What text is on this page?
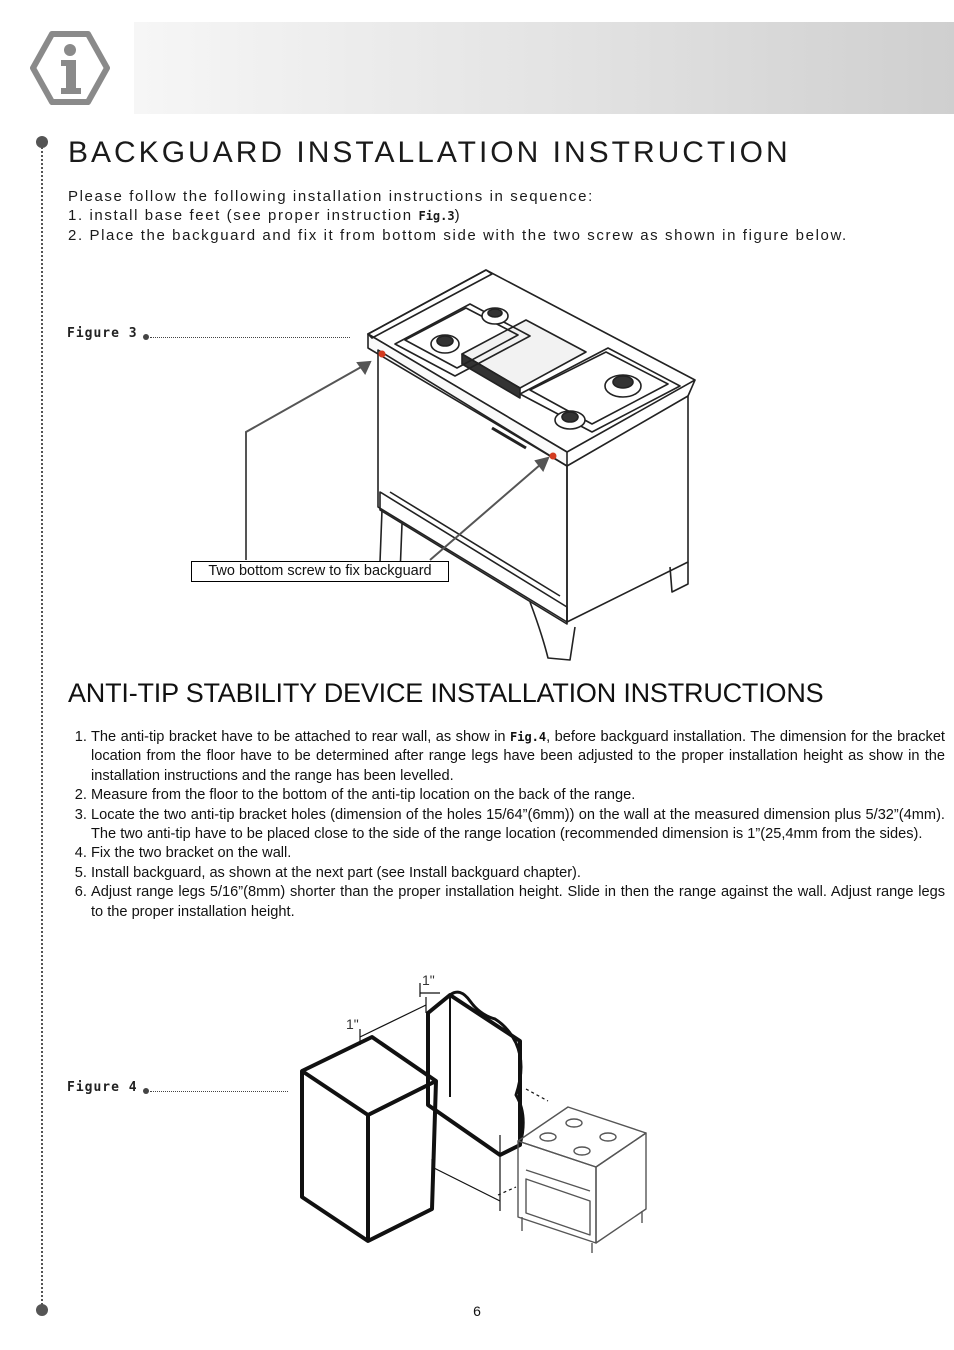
BACKGUARD INSTALLATION INSTRUCTION
Please follow the following installation instructions in sequence:
1. install base feet (see proper instruction Fig.3)
2. Place the backguard and fix it from bottom side with the two screw as shown in figure below.
Figure 3
Two bottom screw to fix backguard
ANTI-TIP STABILITY DEVICE INSTALLATION INSTRUCTIONS
1. The anti-tip bracket have to be attached to rear wall, as show in Fig.4, before backguard installation. The dimension for the bracket location from the floor have to be determined after range legs have been adjusted to the proper installation height as show in the installation instructions and the range has been levelled.
2. Measure from the floor to the bottom of the anti-tip location on the back of the range.
3. Locate the two anti-tip bracket holes (dimension of the holes 15/64”(6mm)) on the wall at the measured dimension plus 5/32”(4mm). The two anti-tip have to be placed close to the side of the range location (recommended dimension is 1”(25,4mm from the sides).
4. Fix the two bracket on the wall.
5. Install backguard, as shown at the next part (see Install backguard chapter).
6. Adjust range legs 5/16”(8mm) shorter than the proper installation height. Slide in then the range against the wall. Adjust range legs to the proper installation height.
Figure 4
1"
1"
6
